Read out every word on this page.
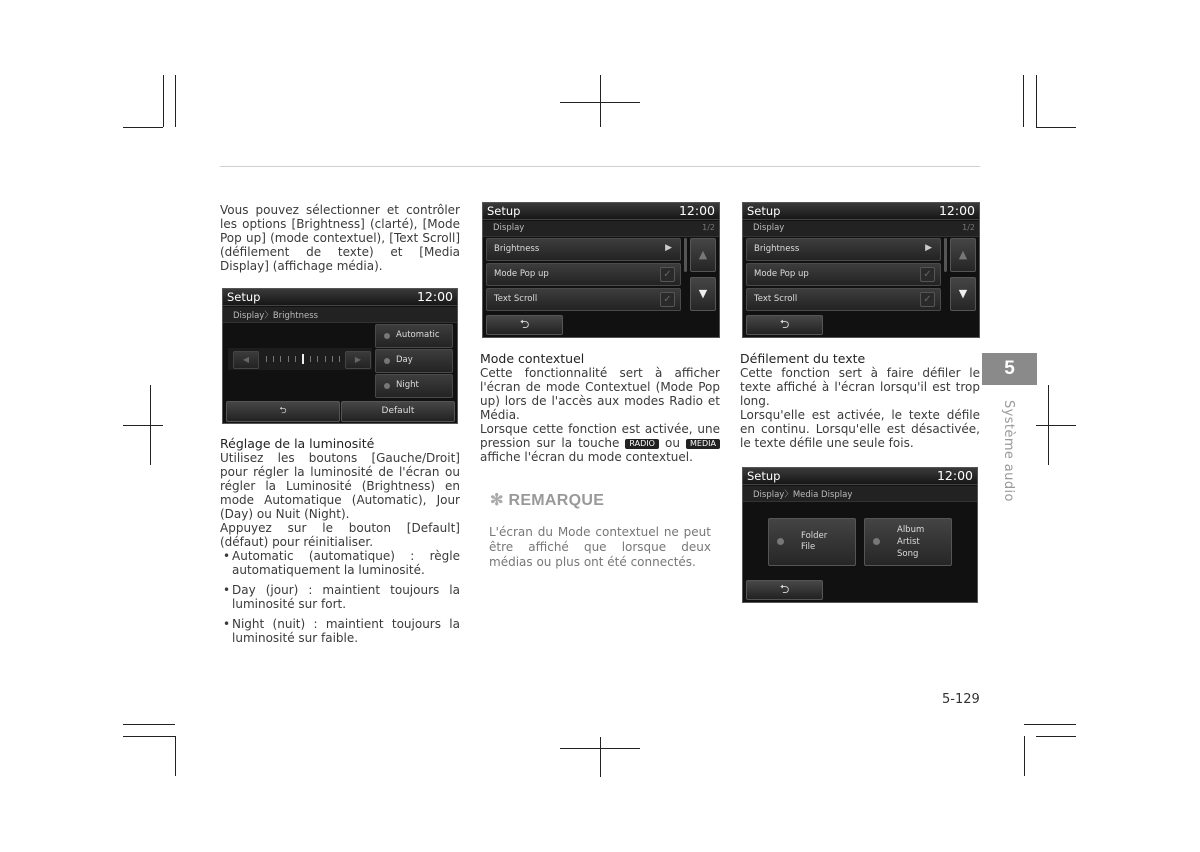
Vous pouvez sélectionner et contrôler les options [Brightness] (clarté), [Mode Pop up] (mode contextuel), [Text Scroll] (défilement de texte) et [Media Display] (affichage média).

Setup	12:00
Display〉Brightness
◀	▶
Automatic
Day
Night
⮌	Default

Réglage de la luminosité

Utilisez les boutons [Gauche/Droit] pour régler la luminosité de l'écran ou régler la Luminosité (Brightness) en mode Automatique (Automatic), Jour (Day) ou Nuit (Night).

Appuyez sur le bouton [Default] (défaut) pour réinitialiser.

• Automatic (automatique) : règle automatiquement la luminosité.
• Day (jour) : maintient toujours la luminosité sur fort.
• Night (nuit) : maintient toujours la luminosité sur faible.
Setup	12:00
Display	1/2
Brightness	▶
Mode Pop up	✓
Text Scroll	✓
▲
▼
⮌

Mode contextuel

Cette fonctionnalité sert à afficher l'écran de mode Contextuel (Mode Pop up) lors de l'accès aux modes Radio et Média.

Lorsque cette fonction est activée, une pression sur la touche RADIO ou MEDIA affiche l'écran du mode contextuel.

✻ REMARQUE
L'écran du Mode contextuel ne peut être affiché que lorsque deux médias ou plus ont été connectés.
Setup	12:00
Display	1/2
Brightness	▶
Mode Pop up	✓
Text Scroll	✓
▲
▼
⮌

Défilement du texte

Cette fonction sert à faire défiler le texte affiché à l'écran lorsqu'il est trop long.

Lorsqu'elle est activée, le texte défile en continu. Lorsqu'elle est désactivée, le texte défile une seule fois.

Setup	12:00
Display〉Media Display
Folder
File
Album
Artist
Song
⮌
5
Système audio
5-129
